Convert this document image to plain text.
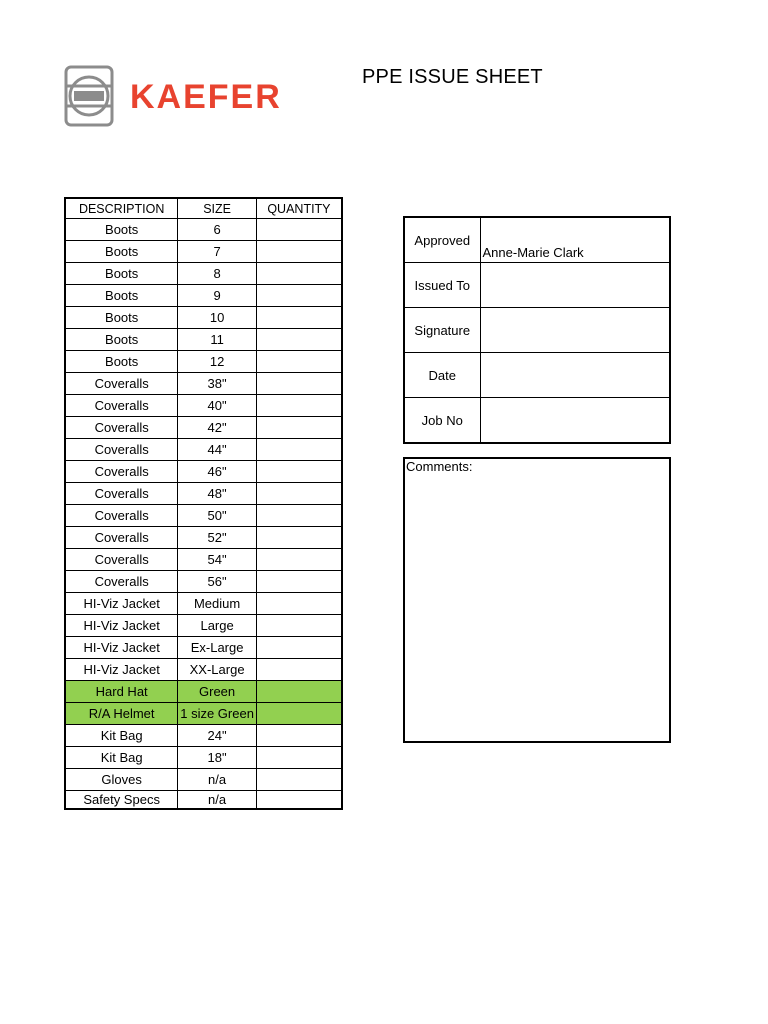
KAEFER
PPE ISSUE SHEET
DESCRIPTION	SIZE	QUANTITY
Boots	6	
Boots	7	
Boots	8	
Boots	9	
Boots	10	
Boots	11	
Boots	12	
Coveralls	38"	
Coveralls	40"	
Coveralls	42"	
Coveralls	44"	
Coveralls	46"	
Coveralls	48"	
Coveralls	50"	
Coveralls	52"	
Coveralls	54"	
Coveralls	56"	
HI-Viz Jacket	Medium	
HI-Viz Jacket	Large	
HI-Viz Jacket	Ex-Large	
HI-Viz Jacket	XX-Large	
Hard Hat	Green	
R/A Helmet	1 size Green	
Kit Bag	24"	
Kit Bag	18"	
Gloves	n/a	
Safety Specs	n/a	
Approved	Anne-Marie Clark
Issued To	
Signature	
Date	
Job No	
Comments:
